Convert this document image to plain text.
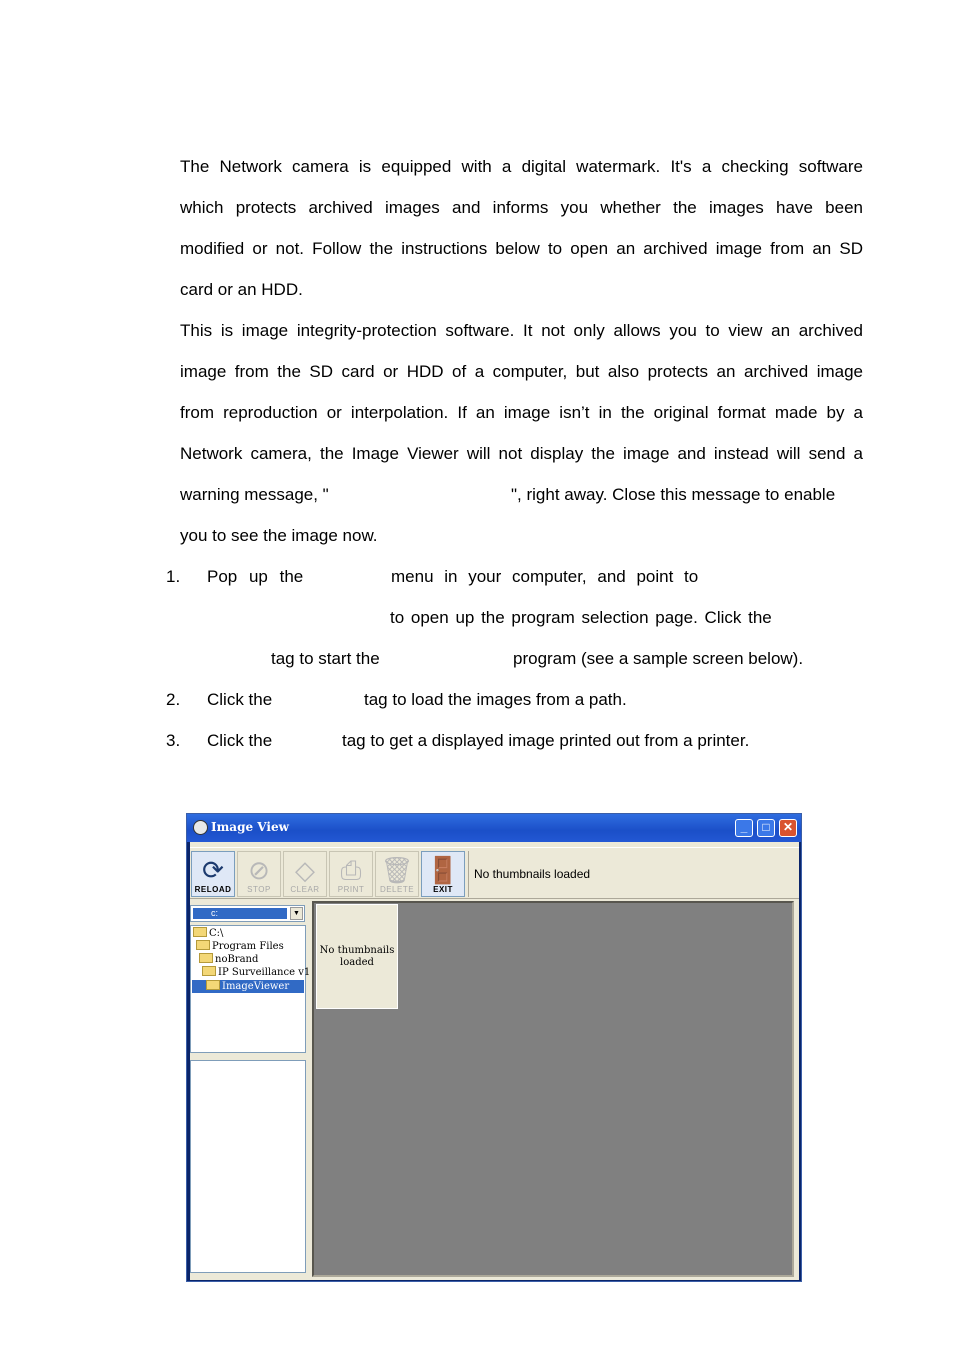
The Network camera is equipped with a digital watermark. It's a checking software
which protects archived images and informs you whether the images have been
modified or not. Follow the instructions below to open an archived image from an SD
card or an HDD.
This is image integrity-protection software. It not only allows you to view an archived
image from the SD card or HDD of a computer, but also protects an archived image
from reproduction or interpolation. If an image isn’t in the original format made by a
Network camera, the Image Viewer will not display the image and instead will send a
warning message, "	", right away. Close this message to enable
you to see the image now.
1. Pop up the	menu in your computer, and point to
to open up the program selection page. Click the
tag to start the	program (see a sample screen below).
2. Click the	tag to load the images from a path.
3. Click the	tag to get a displayed image printed out from a printer.
Image View	_	□	✕
⟳
RELOAD
⊘
STOP
◇
CLEAR
⎙
PRINT
🗑
DELETE
🚪
EXIT
No thumbnails loaded
c:	▼
C:\
Program Files
noBrand
IP Surveillance v1
ImageViewer
No thumbnails
loaded
